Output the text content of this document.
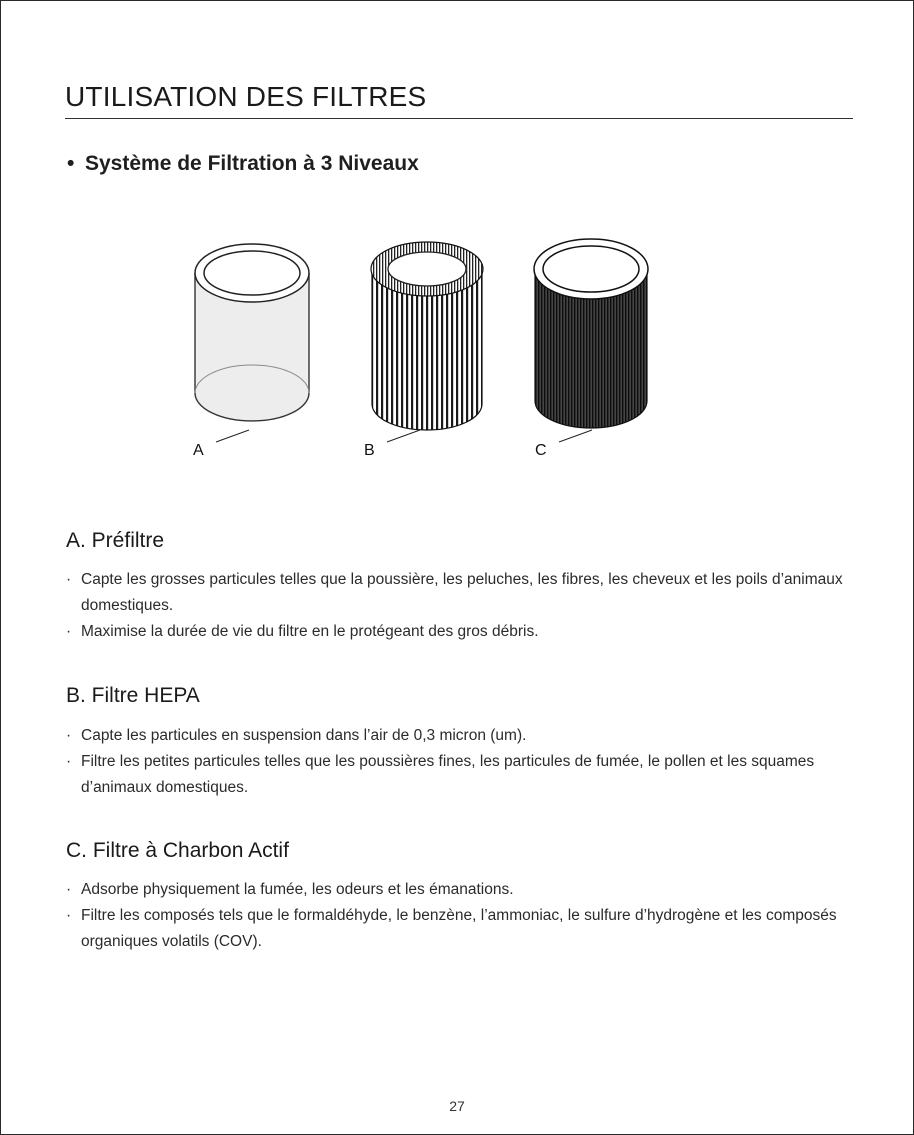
UTILISATION DES FILTRES
• Système de Filtration à 3 Niveaux
A	B	C
A. Préfiltre
· Capte les grosses particules telles que la poussière, les peluches, les fibres, les cheveux et les poils d’animaux domestiques.
· Maximise la durée de vie du filtre en le protégeant des gros débris.
B. Filtre HEPA
· Capte les particules en suspension dans l’air de 0,3 micron (um).
· Filtre les petites particules telles que les poussières fines, les particules de fumée, le pollen et les squames d’animaux domestiques.
C. Filtre à Charbon Actif
· Adsorbe physiquement la fumée, les odeurs et les émanations.
· Filtre les composés tels que le formaldéhyde, le benzène, l’ammoniac, le sulfure d’hydrogène et les composés organiques volatils (COV).
27
